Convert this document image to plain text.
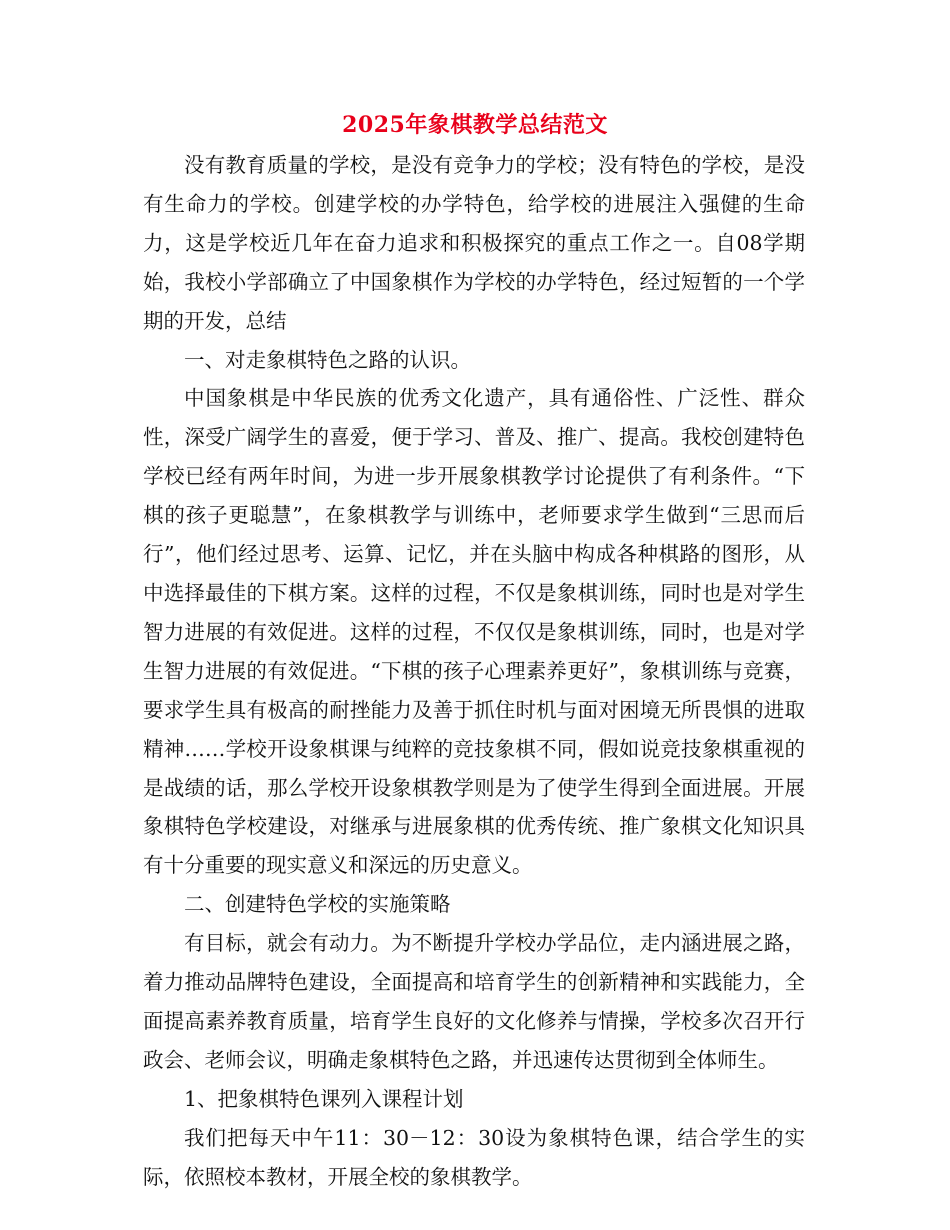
2025年象棋教学总结范文

没有教育质量的学校，是没有竞争力的学校；没有特色的学校，是没有生命力的学校。创建学校的办学特色，给学校的进展注入强健的生命力，这是学校近几年在奋力追求和积极探究的重点工作之一。自08学期始，我校小学部确立了中国象棋作为学校的办学特色，经过短暂的一个学期的开发，总结

一、对走象棋特色之路的认识。

中国象棋是中华民族的优秀文化遗产，具有通俗性、广泛性、群众性，深受广阔学生的喜爱，便于学习、普及、推广、提高。我校创建特色学校已经有两年时间，为进一步开展象棋教学讨论提供了有利条件。“下棋的孩子更聪慧”，在象棋教学与训练中，老师要求学生做到“三思而后行”，他们经过思考、运算、记忆，并在头脑中构成各种棋路的图形，从中选择最佳的下棋方案。这样的过程，不仅是象棋训练，同时也是对学生智力进展的有效促进。这样的过程，不仅仅是象棋训练，同时，也是对学生智力进展的有效促进。“下棋的孩子心理素养更好”，象棋训练与竞赛，要求学生具有极高的耐挫能力及善于抓住时机与面对困境无所畏惧的进取精神……学校开设象棋课与纯粹的竞技象棋不同，假如说竞技象棋重视的是战绩的话，那么学校开设象棋教学则是为了使学生得到全面进展。开展象棋特色学校建设，对继承与进展象棋的优秀传统、推广象棋文化知识具有十分重要的现实意义和深远的历史意义。

二、创建特色学校的实施策略

有目标，就会有动力。为不断提升学校办学品位，走内涵进展之路，着力推动品牌特色建设，全面提高和培育学生的创新精神和实践能力，全面提高素养教育质量，培育学生良好的文化修养与情操，学校多次召开行政会、老师会议，明确走象棋特色之路，并迅速传达贯彻到全体师生。

1、把象棋特色课列入课程计划

我们把每天中午11：30－12：30设为象棋特色课，结合学生的实际，依照校本教材，开展全校的象棋教学。
